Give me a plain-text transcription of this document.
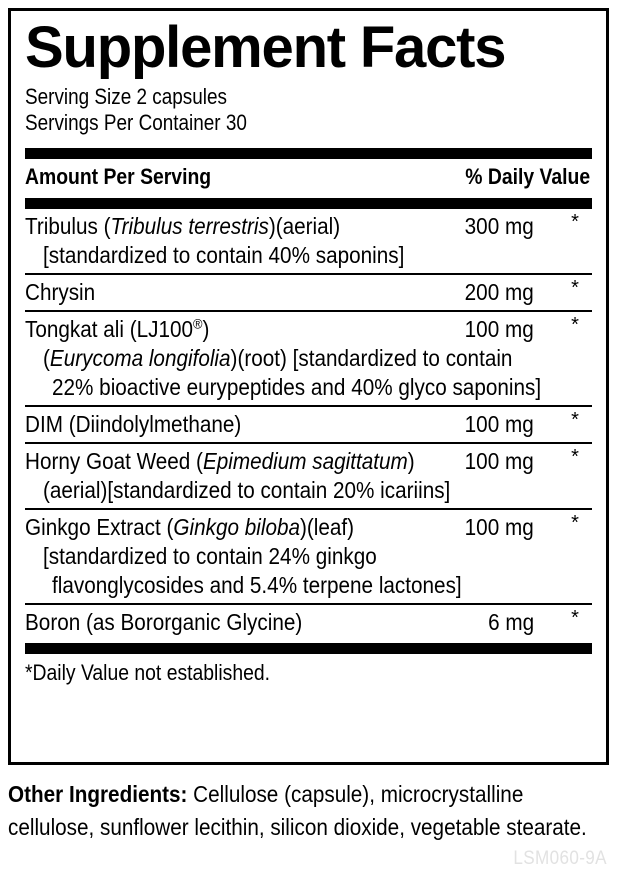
Supplement Facts
Serving Size 2 capsules
Servings Per Container 30
Amount Per Serving	% Daily Value
Tribulus (Tribulus terrestris)(aerial)	300 mg	*
[standardized to contain 40% saponins]
Chrysin	200 mg	*
Tongkat ali (LJ100®)	100 mg	*
(Eurycoma longifolia)(root) [standardized to contain
22% bioactive eurypeptides and 40% glyco saponins]
DIM (Diindolylmethane)	100 mg	*
Horny Goat Weed (Epimedium sagittatum) 100 mg	*
(aerial)[standardized to contain 20% icariins]
Ginkgo Extract (Ginkgo biloba)(leaf)	100 mg	*
[standardized to contain 24% ginkgo
flavonglycosides and 5.4% terpene lactones]
Boron (as Bororganic Glycine)	6 mg	*
*Daily Value not established.
Other Ingredients: Cellulose (capsule), microcrystalline
cellulose, sunflower lecithin, silicon dioxide, vegetable stearate.
LSM060-9A
